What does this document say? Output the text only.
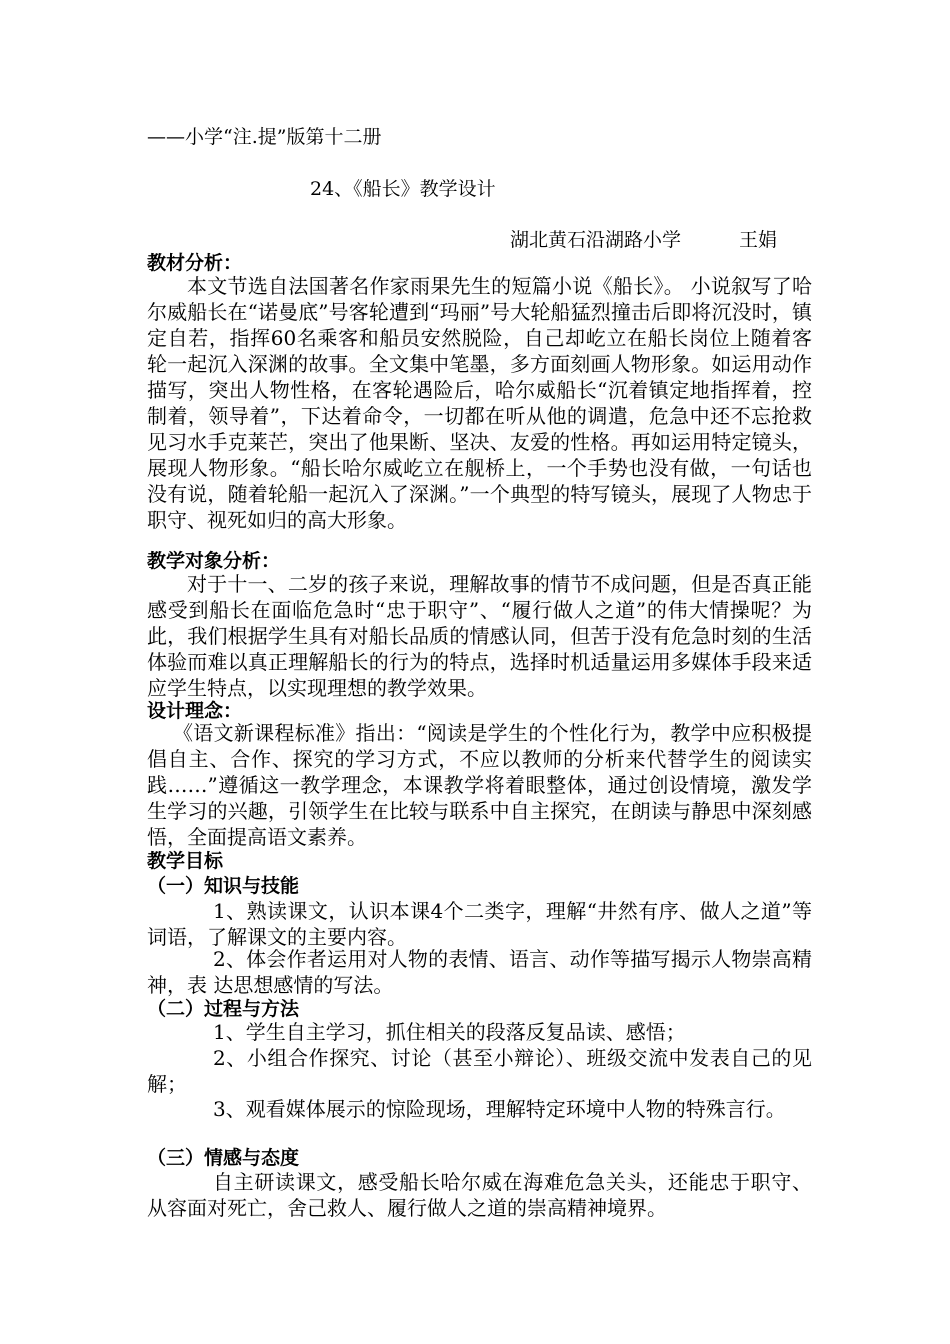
——小学“注.提”版第十二册
24、《船长》教学设计
湖北黄石沿湖路小学	王娟
教材分析：
本文节选自法国著名作家雨果先生的短篇小说《船长》。 小说叙写了哈尔威船长在“诺曼底”号客轮遭到“玛丽”号大轮船猛烈撞击后即将沉没时，镇定自若，指挥60名乘客和船员安然脱险，自己却屹立在船长岗位上随着客轮一起沉入深渊的故事。全文集中笔墨，多方面刻画人物形象。如运用动作描写，突出人物性格，在客轮遇险后，哈尔威船长“沉着镇定地指挥着，控制着，领导着”，下达着命令，一切都在听从他的调遣，危急中还不忘抢救见习水手克莱芒，突出了他果断、坚决、友爱的性格。再如运用特定镜头，展现人物形象。“船长哈尔威屹立在舰桥上，一个手势也没有做，一句话也没有说，随着轮船一起沉入了深渊。”一个典型的特写镜头，展现了人物忠于职守、视死如归的高大形象。
教学对象分析：
对于十一、二岁的孩子来说，理解故事的情节不成问题，但是否真正能感受到船长在面临危急时“忠于职守”、“履行做人之道”的伟大情操呢？为此，我们根据学生具有对船长品质的情感认同，但苦于没有危急时刻的生活体验而难以真正理解船长的行为的特点，选择时机适量运用多媒体手段来适应学生特点，以实现理想的教学效果。
设计理念：
《语文新课程标准》指出：“阅读是学生的个性化行为，教学中应积极提倡自主、合作、探究的学习方式，不应以教师的分析来代替学生的阅读实践……”遵循这一教学理念，本课教学将着眼整体，通过创设情境，激发学生学习的兴趣，引领学生在比较与联系中自主探究，在朗读与静思中深刻感悟，全面提高语文素养。
教学目标
（一）知识与技能
1、熟读课文，认识本课4个二类字，理解“井然有序、做人之道”等词语，了解课文的主要内容。
2、体会作者运用对人物的表情、语言、动作等描写揭示人物崇高精神，表 达思想感情的写法。
（二）过程与方法
1、学生自主学习，抓住相关的段落反复品读、感悟；
2、小组合作探究、讨论（甚至小辩论）、班级交流中发表自己的见解；
3、观看媒体展示的惊险现场，理解特定环境中人物的特殊言行。
（三）情感与态度
自主研读课文，感受船长哈尔威在海难危急关头，还能忠于职守、从容面对死亡，舍己救人、履行做人之道的崇高精神境界。
